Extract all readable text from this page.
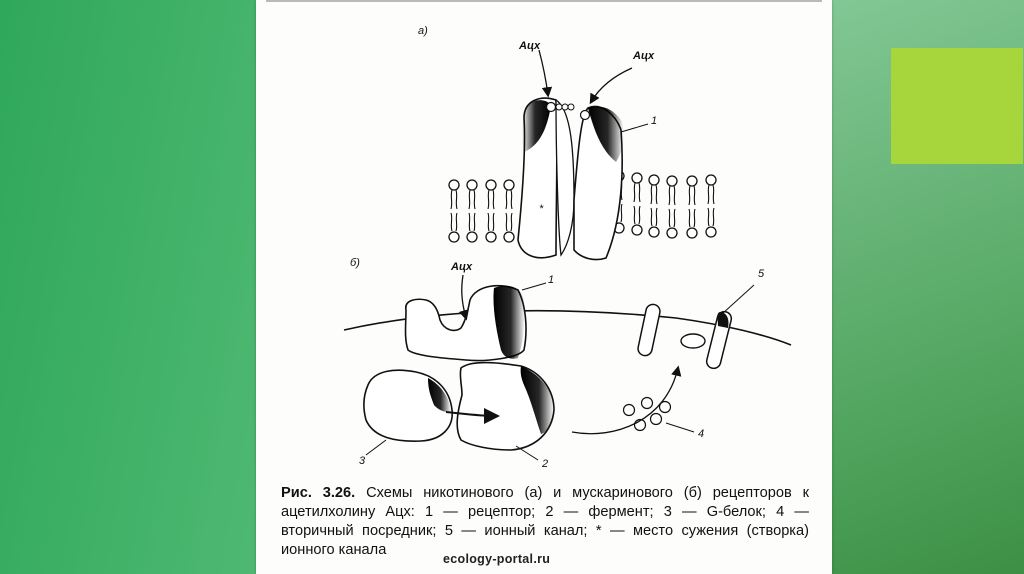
а)
Ацх
Ацх
1
*
б)	Ацх
1	5
4
3	2
Рис. 3.26. Схемы никотинового (а) и мускаринового (б) рецепторов к ацетилхолину Ацх: 1 — рецептор; 2 — фермент; 3 — G-белок; 4 — вторичный посредник; 5 — ионный канал; * — место сужения (створка) ионного канала
ecology-portal.ru
